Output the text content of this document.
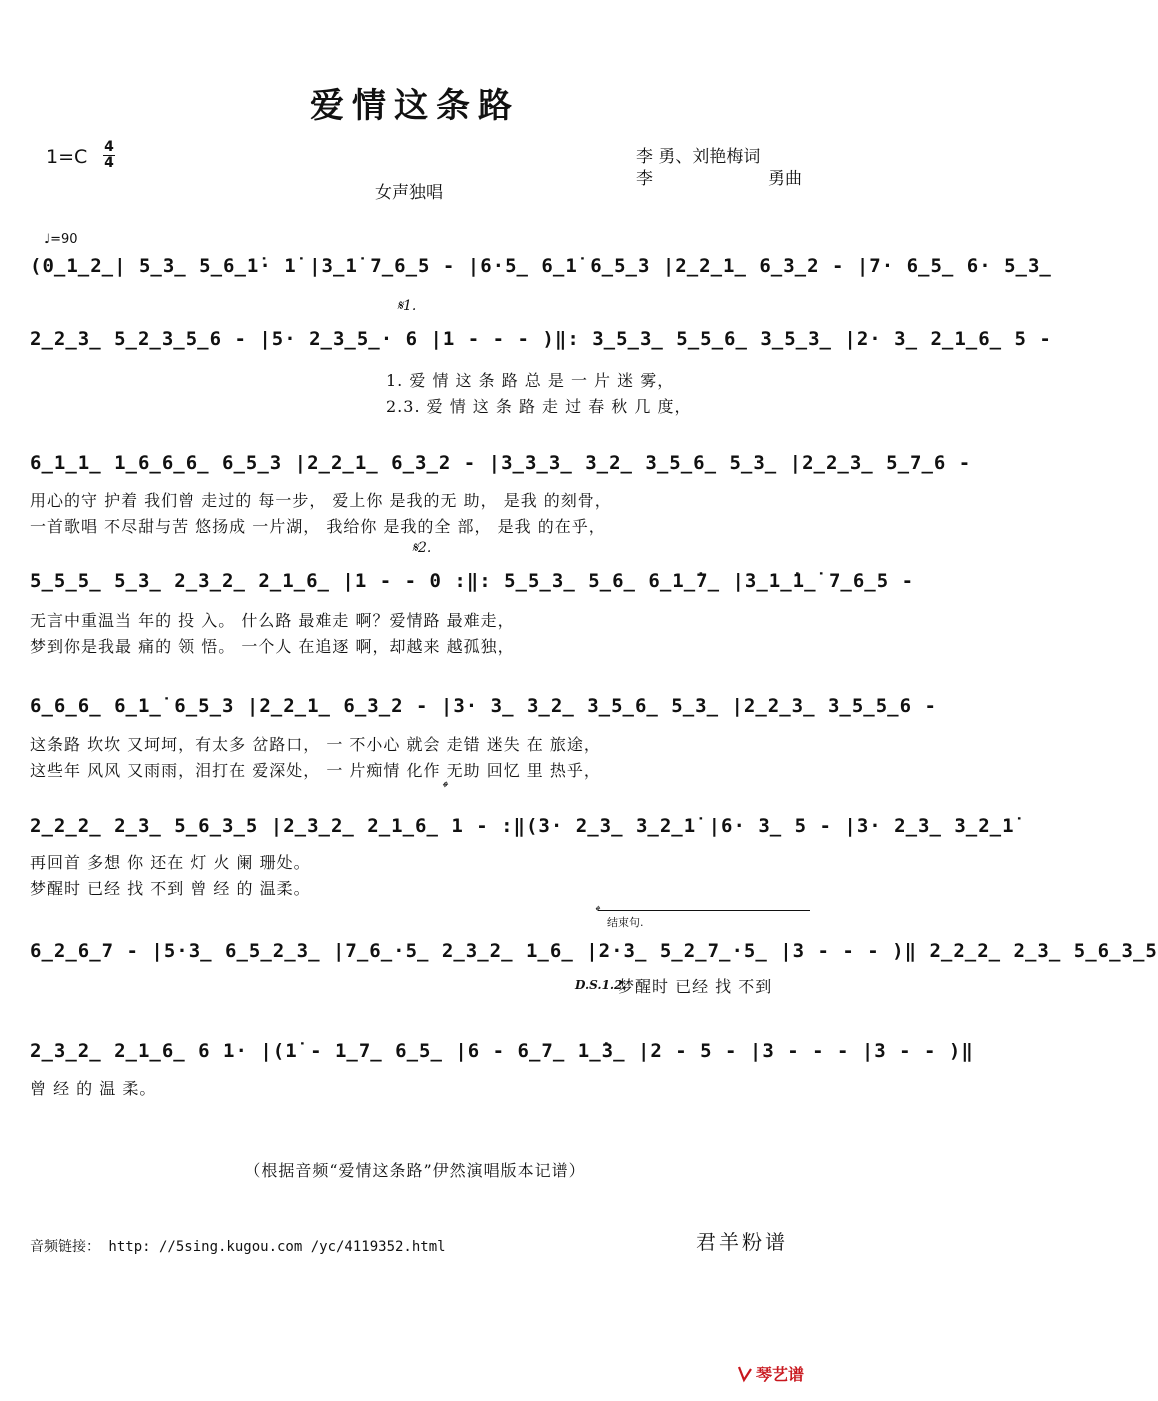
爱情这条路
1=C 4
4	李 勇、刘艳梅词
李	勇曲
女声独唱
♩=90
(0̲1̲2̲| 5̲3̲ 5̲6̲1̇· 1̇ |3̲1̇ 7̲6̲5 - |6·5̲ 6̲1̇ 6̲5̲3 |2̲2̲1̲ 6̲3̲2 - |7· 6̲5̲ 6· 5̲3̲
𝄋1.
2̲2̲3̲ 5̲2̲3̲5̲6 - |5· 2̲3̲5̲· 6 |1 - - - )‖: 3̲5̲3̲ 5̲5̲6̲ 3̲5̲3̲ |2· 3̲ 2̲1̲6̲ 5 -
1. 爱 情 这 条 路 总 是 一 片 迷 雾，
2.3. 爱 情 这 条 路 走 过 春 秋 几 度，
6̲1̲1̲ 1̲6̲6̲6̲ 6̲5̲3 |2̲2̲1̲ 6̲3̲2 - |3̲3̲3̲ 3̲2̲ 3̲5̲6̲ 5̲3̲ |2̲2̲3̲ 5̲7̲6 -
用心的守 护着 我们曾 走过的 每一步， 爱上你 是我的无 助， 是我 的刻骨，
一首歌唱 不尽甜与苦 悠扬成 一片湖， 我给你 是我的全 部， 是我 的在乎，
𝄋2.
5̲5̲5̲ 5̲3̲ 2̲3̲2̲ 2̲1̲6̲ |1 - - 0 :‖: 5̲5̲3̲ 5̲6̲ 6̲1̲̇7̲ |3̲1̲̇1̲̇ 7̲6̲5 -
无言中重温当 年的 投 入。 什么路 最难走 啊？爱情路 最难走，
梦到你是我最 痛的 领 悟。 一个人 在追逐 啊，却越来 越孤独，
6̲6̲6̲ 6̲1̲̇ 6̲5̲3 |2̲2̲1̲ 6̲3̲2 - |3· 3̲ 3̲2̲ 3̲5̲6̲ 5̲3̲ |2̲2̲3̲ 3̲5̲5̲6 -
这条路 坎坎 又坷坷，有太多 岔路口， 一 不小心 就会 走错 迷失 在 旅途，
这些年 风风 又雨雨，泪打在 爱深处， 一 片痴情 化作 无助 回忆 里 热乎，
𝄌
2̲2̲2̲ 2̲3̲ 5̲6̲3̲5 |2̲3̲2̲ 2̲1̲6̲ 1 - :‖(3· 2̲3̲ 3̲2̲1̇ |6· 3̲ 5 - |3· 2̲3̲ 3̲2̲1̇
再回首 多想 你 还在 灯 火 阑 珊处。
梦醒时 已经 找 不到 曾 经 的 温柔。
𝄌
结束句.
6̲2̲6̲7 - |5·3̲ 6̲5̲2̲3̲ |7̲6̲·5̲ 2̲3̲2̲ 1̲6̲ |2·3̲ 5̲2̲7̲·5̲ |3 - - - )‖ 2̲2̲2̲ 2̲3̲ 5̲6̲3̲5
D.S.1.2.
梦醒时 已经 找 不到
2̲3̲2̲ 2̲1̲6̲ 6 1· |(1̇ - 1̲7̲ 6̲5̲ |6 - 6̲7̲ 1̲̇3̲ |2 - 5 - |3 - - - |3 - - )‖
曾 经 的 温 柔。
（根据音频“爱情这条路”伊然演唱版本记谱）
音频链接： http: //5sing.kugou.com /yc/4119352.html	君羊粉谱
琴艺谱
